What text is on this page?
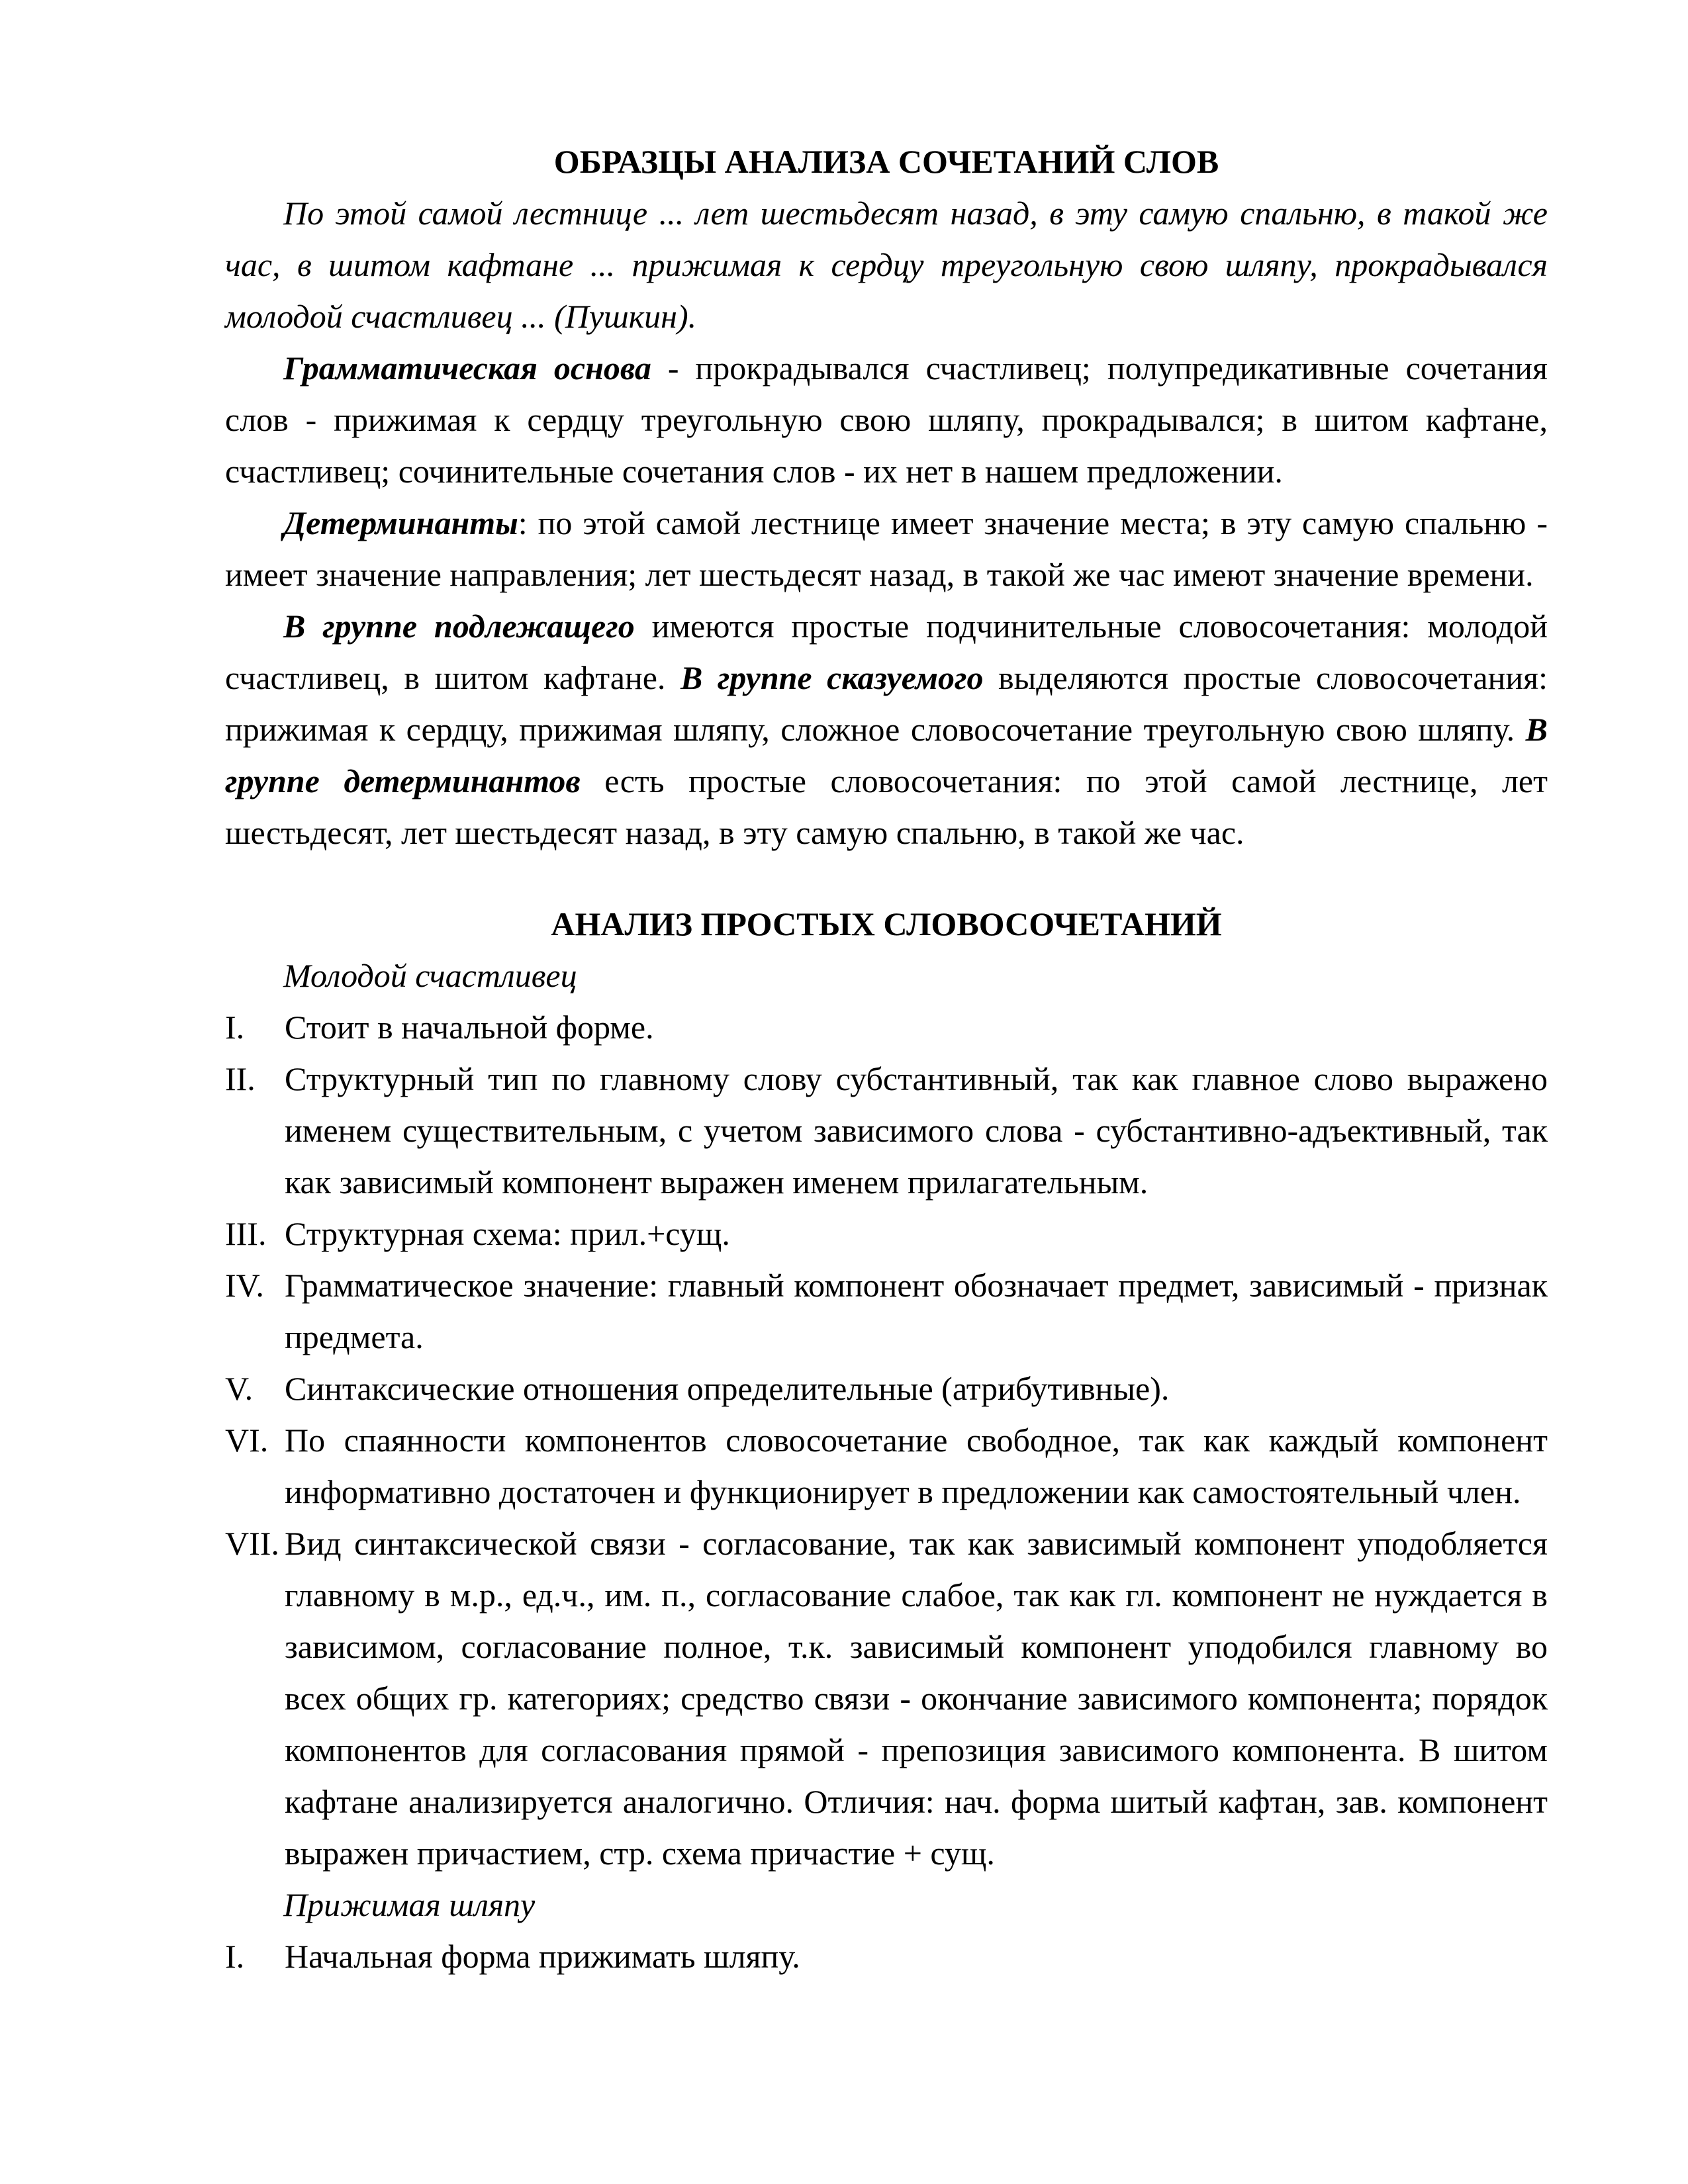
ОБРАЗЦЫ АНАЛИЗА СОЧЕТАНИЙ СЛОВ

По этой самой лестнице ... лет шестьдесят назад, в эту самую спальню, в такой же час, в шитом кафтане ... прижимая к сердцу треугольную свою шляпу, прокрадывался молодой счастливец ... (Пушкин).

Грамматическая основа - прокрадывался счастливец; полупредикативные сочетания слов - прижимая к сердцу треугольную свою шляпу, прокрадывался; в шитом кафтане, счастливец; сочинительные сочетания слов - их нет в нашем предложении.

Детерминанты: по этой самой лестнице имеет значение места; в эту самую спальню - имеет значение направления; лет шестьдесят назад, в такой же час имеют значение времени.

В группе подлежащего имеются простые подчинительные словосочетания: молодой счастливец, в шитом кафтане. В группе сказуемого выделяются простые словосочетания: прижимая к сердцу, прижимая шляпу, сложное словосочетание треугольную свою шляпу. В группе детерминантов есть простые словосочетания: по этой самой лестнице, лет шестьдесят, лет шестьдесят назад, в эту самую спальню, в такой же час.

АНАЛИЗ ПРОСТЫХ СЛОВОСОЧЕТАНИЙ

Молодой счастливец

I.	Стоит в начальной форме.
II. Структурный тип по главному слову субстантивный, так как главное слово выражено именем существительным, с учетом зависимого слова - субстантивно-адъективный, так как зависимый компонент выражен именем прилагательным.
III. Структурная схема: прил.+сущ.
IV. Грамматическое значение: главный компонент обозначает предмет, зависимый - признак предмета.
V. Синтаксические отношения определительные (атрибутивные).
VI. По спаянности компонентов словосочетание свободное, так как каждый компонент информативно достаточен и функционирует в предложении как самостоятельный член.
VII. Вид синтаксической связи - согласование, так как зависимый компонент уподобляется главному в м.р., ед.ч., им. п., согласование слабое, так как гл. компонент не нуждается в зависимом, согласование полное, т.к. зависимый компонент уподобился главному во всех общих гр. категориях; средство связи - окончание зависимого компонента; порядок компонентов для согласования прямой - препозиция зависимого компонента. В шитом кафтане анализируется аналогично. Отличия: нач. форма шитый кафтан, зав. компонент выражен причастием, стр. схема причастие + сущ.

Прижимая шляпу

I.	Начальная форма прижимать шляпу.
